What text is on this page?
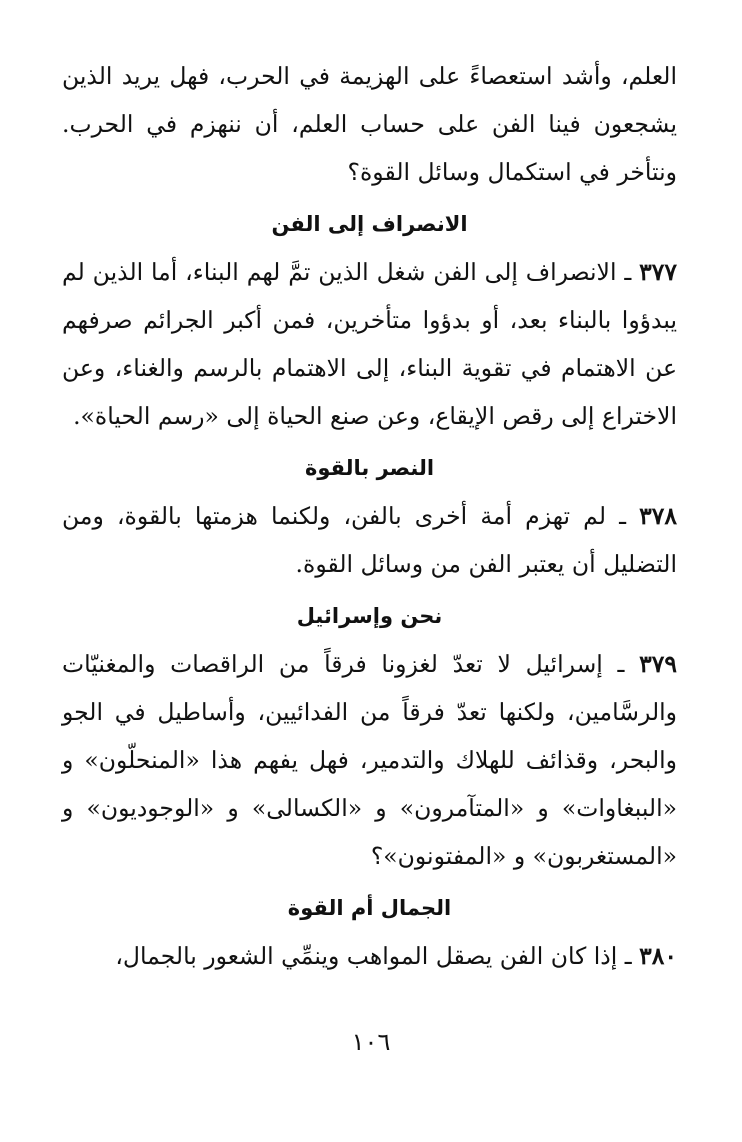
العلم، وأشد استعصاءً على الهزيمة في الحرب، فهل يريد الذين يشجعون فينا الفن على حساب العلم، أن ننهزم في الحرب. ونتأخر في استكمال وسائل القوة؟

الانصراف إلى الفن

٣٧٧ ـ الانصراف إلى الفن شغل الذين تمَّ لهم البناء، أما الذين لم يبدؤوا بالبناء بعد، أو بدؤوا متأخرين، فمن أكبر الجرائم صرفهم عن الاهتمام في تقوية البناء، إلى الاهتمام بالرسم والغناء، وعن الاختراع إلى رقص الإيقاع، وعن صنع الحياة إلى «رسم الحياة».

النصر بالقوة

٣٧٨ ـ لم تهزم أمة أخرى بالفن، ولكنما هزمتها بالقوة، ومن التضليل أن يعتبر الفن من وسائل القوة.

نحن وإسرائيل

٣٧٩ ـ إسرائيل لا تعدّ لغزونا فرقاً من الراقصات والمغنيّات والرسَّامين، ولكنها تعدّ فرقاً من الفدائيين، وأساطيل في الجو والبحر، وقذائف للهلاك والتدمير، فهل يفهم هذا «المنحلّون» و «الببغاوات» و «المتآمرون» و «الكسالى» و «الوجوديون» و «المستغربون» و «المفتونون»؟

الجمال أم القوة

٣٨٠ ـ إذا كان الفن يصقل المواهب وينمِّي الشعور بالجمال،

١٠٦
